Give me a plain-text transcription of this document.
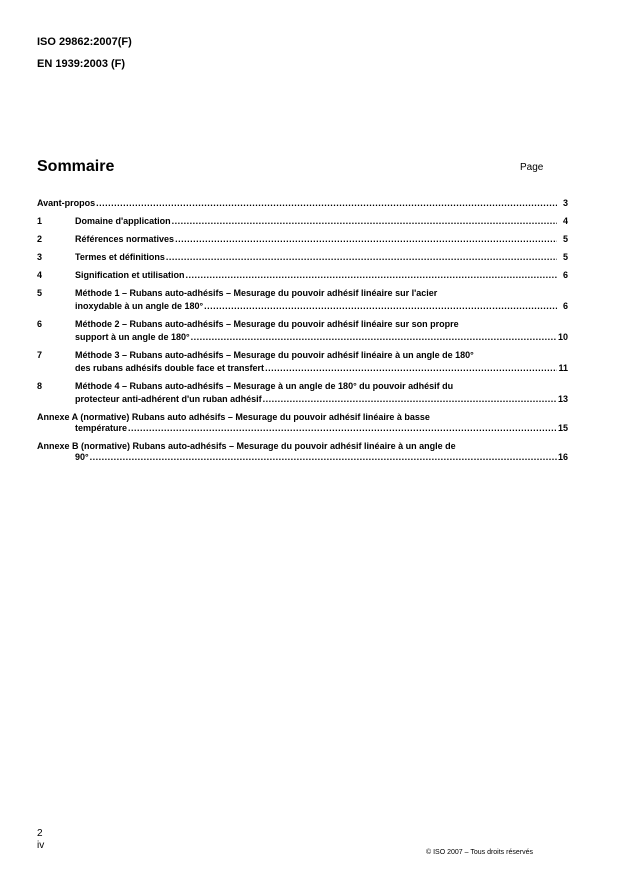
ISO 29862:2007(F)
EN 1939:2003 (F)
Sommaire	Page
Avant-propos .....	3
1	Domaine d'application .....	4
2	Références normatives .....	5
3	Termes et définitions .....	5
4	Signification et utilisation .....	6
5	Méthode 1 – Rubans auto-adhésifs – Mesurage du pouvoir adhésif linéaire sur l'acier
inoxydable à un angle de 180° .....	6
6	Méthode 2 – Rubans auto-adhésifs – Mesurage du pouvoir adhésif linéaire sur son propre
support à un angle de 180° .....	10
7	Méthode 3 – Rubans auto-adhésifs – Mesurage du pouvoir adhésif linéaire à un angle de 180°
des rubans adhésifs double face et transfert .....	11
8	Méthode 4 – Rubans auto-adhésifs – Mesurage à un angle de 180° du pouvoir adhésif du
protecteur anti-adhérent d'un ruban adhésif .....	13
Annexe A (normative) Rubans auto adhésifs – Mesurage du pouvoir adhésif linéaire à basse
température .....	15
Annexe B (normative) Rubans auto-adhésifs – Mesurage du pouvoir adhésif linéaire à un angle de
90° .....	16
2
iv
© ISO 2007 – Tous droits réservés
